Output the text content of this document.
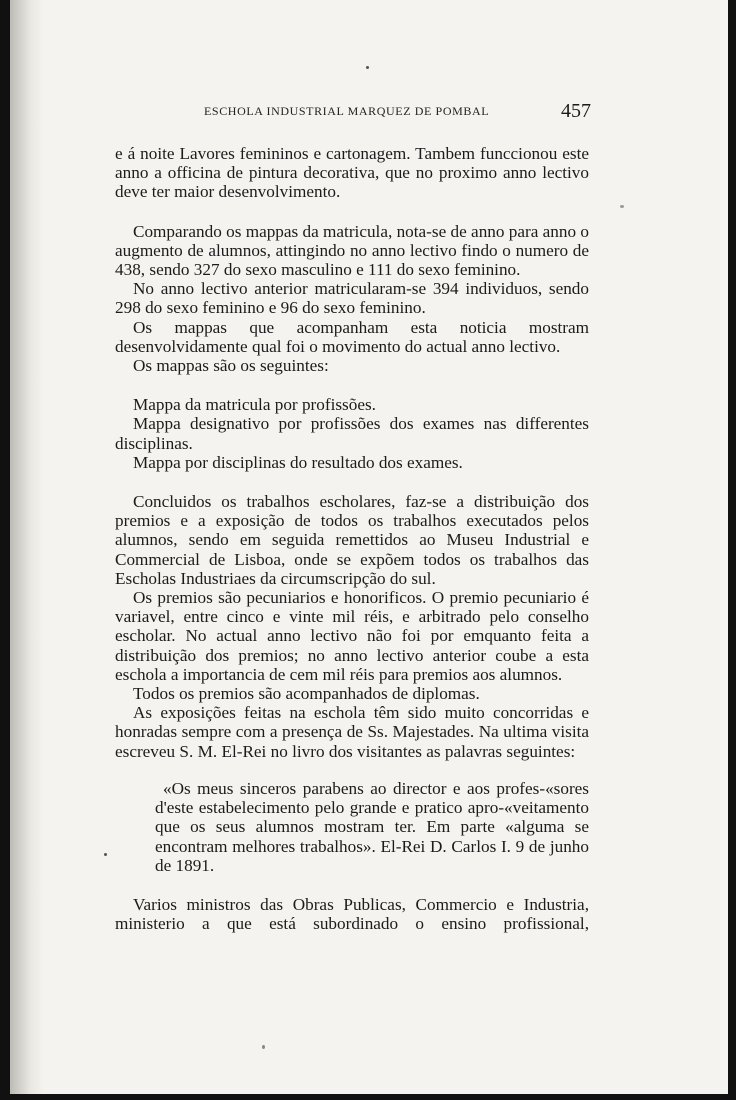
ESCHOLA INDUSTRIAL MARQUEZ DE POMBAL	457

e á noite Lavores femininos e cartonagem. Tambem funccionou este anno a officina de pintura decorativa, que no proximo anno lectivo deve ter maior desenvolvimento.

Comparando os mappas da matricula, nota-se de anno para anno o augmento de alumnos, attingindo no anno lectivo findo o numero de 438, sendo 327 do sexo masculino e 111 do sexo feminino.

No anno lectivo anterior matricularam-se 394 individuos, sendo 298 do sexo feminino e 96 do sexo feminino.

Os mappas que acompanham esta noticia mostram desenvolvidamente qual foi o movimento do actual anno lectivo.

Os mappas são os seguintes:

Mappa da matricula por profissões.

Mappa designativo por profissões dos exames nas differentes disciplinas.

Mappa por disciplinas do resultado dos exames.

Concluidos os trabalhos escholares, faz-se a distribuição dos premios e a exposição de todos os trabalhos executados pelos alumnos, sendo em seguida remettidos ao Museu Industrial e Commercial de Lisboa, onde se expõem todos os trabalhos das Escholas Industriaes da circumscripção do sul.

Os premios são pecuniarios e honorificos. O premio pecuniario é variavel, entre cinco e vinte mil réis, e arbitrado pelo conselho escholar. No actual anno lectivo não foi por emquanto feita a distribuição dos premios; no anno lectivo anterior coube a esta eschola a importancia de cem mil réis para premios aos alumnos.

Todos os premios são acompanhados de diplomas.

As exposições feitas na eschola têm sido muito concorridas e honradas sempre com a presença de Ss. Majestades. Na ultima visita escreveu S. M. El-Rei no livro dos visitantes as palavras seguintes:

«Os meus sinceros parabens ao director e aos profes-«sores d'este estabelecimento pelo grande e pratico apro-«veitamento que os seus alumnos mostram ter. Em parte «alguma se encontram melhores trabalhos». El-Rei D. Carlos I. 9 de junho de 1891.

Varios ministros das Obras Publicas, Commercio e Industria, ministerio a que está subordinado o ensino profissional,
